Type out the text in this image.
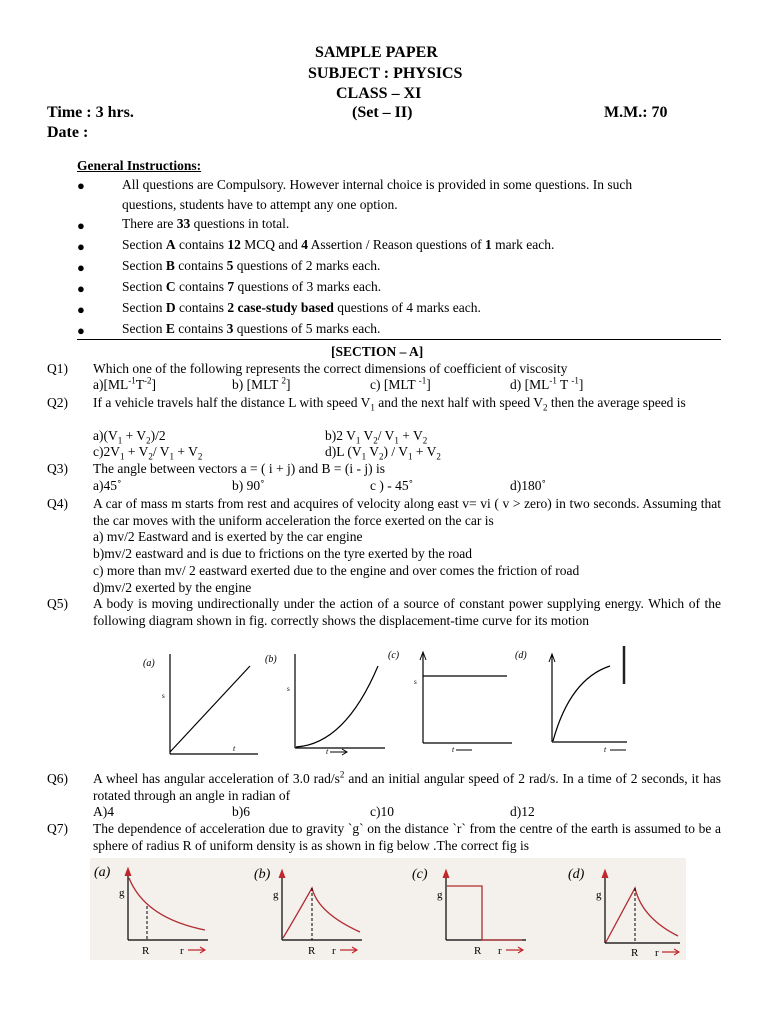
SAMPLE PAPER
SUBJECT : PHYSICS
CLASS – XI
Time : 3 hrs.	(Set – II)	M.M.: 70
Date :
General Instructions:
●	All questions are Compulsory. However internal choice is provided in some questions. In such
questions, students have to attempt any one option.
●	There are 33 questions in total.
●	Section A contains 12 MCQ and 4 Assertion / Reason questions of 1 mark each.
●	Section B contains 5 questions of 2 marks each.
●	Section C contains 7 questions of 3 marks each.
●	Section D contains 2 case-study based questions of 4 marks each.
●	Section E contains 3 questions of 5 marks each.
[SECTION – A]
Q1) Which one of the following represents the correct dimensions of coefficient of viscosity
$a)[ML^{-1}T^{-2}]$	b) [MLT $^2$]	c) [MLT $^{-1}$]	d) [$ML^{-1}$ T $^{-1}$]
Q2) If a vehicle travels half the distance L with speed $V_1$ and the next half with speed $V_2$ then the average speed is
$a)(V_1 + V_2)/2$	b)2 $V_1$ $V_2/$ $V_1 + V_2$
$c)2V_1 + V_2/$ $V_1 + V_2$	d)L ($V_1$ $V_2) / V_1 + V_2$
Q3) The angle between vectors a = ( i + j) and B = (i - j) is
a)45˚	b) 90˚	c ) - 45˚	d)180˚
Q4) A car of mass m starts from rest and acquires of velocity along east v= vi ( v > zero) in two seconds. Assuming that the car moves with the uniform acceleration the force exerted on the car is
a) mv/2 Eastward and is exerted by the car engine
b)mv/2 eastward and is due to frictions on the tyre exerted by the road
c) more than mv/ 2 eastward exerted due to the engine and over comes the friction of road
d)mv/2 exerted by the engine
Q5) A body is moving undirectionally under the action of a source of constant power supplying energy. Which of the following diagram shown in fig. correctly shows the displacement-time curve for its motion
(a)
s
t
(b)
s
t
(c)
s
t
(d)
t
Q6) A wheel has angular acceleration of 3.0 rad/$s^2$ and an initial angular speed of 2 rad/s. In a time of 2 seconds, it has rotated through an angle in radian of
A)4	b)6	c)10	d)12
Q7) The dependence of acceleration due to gravity `g` on the distance `r` from the centre of the earth is assumed to be a sphere of radius R of uniform density is as shown in fig below .The correct fig is
(a)
g
R	r
(b)
g
R r
(c)
g
R r
(d)
g
R r
